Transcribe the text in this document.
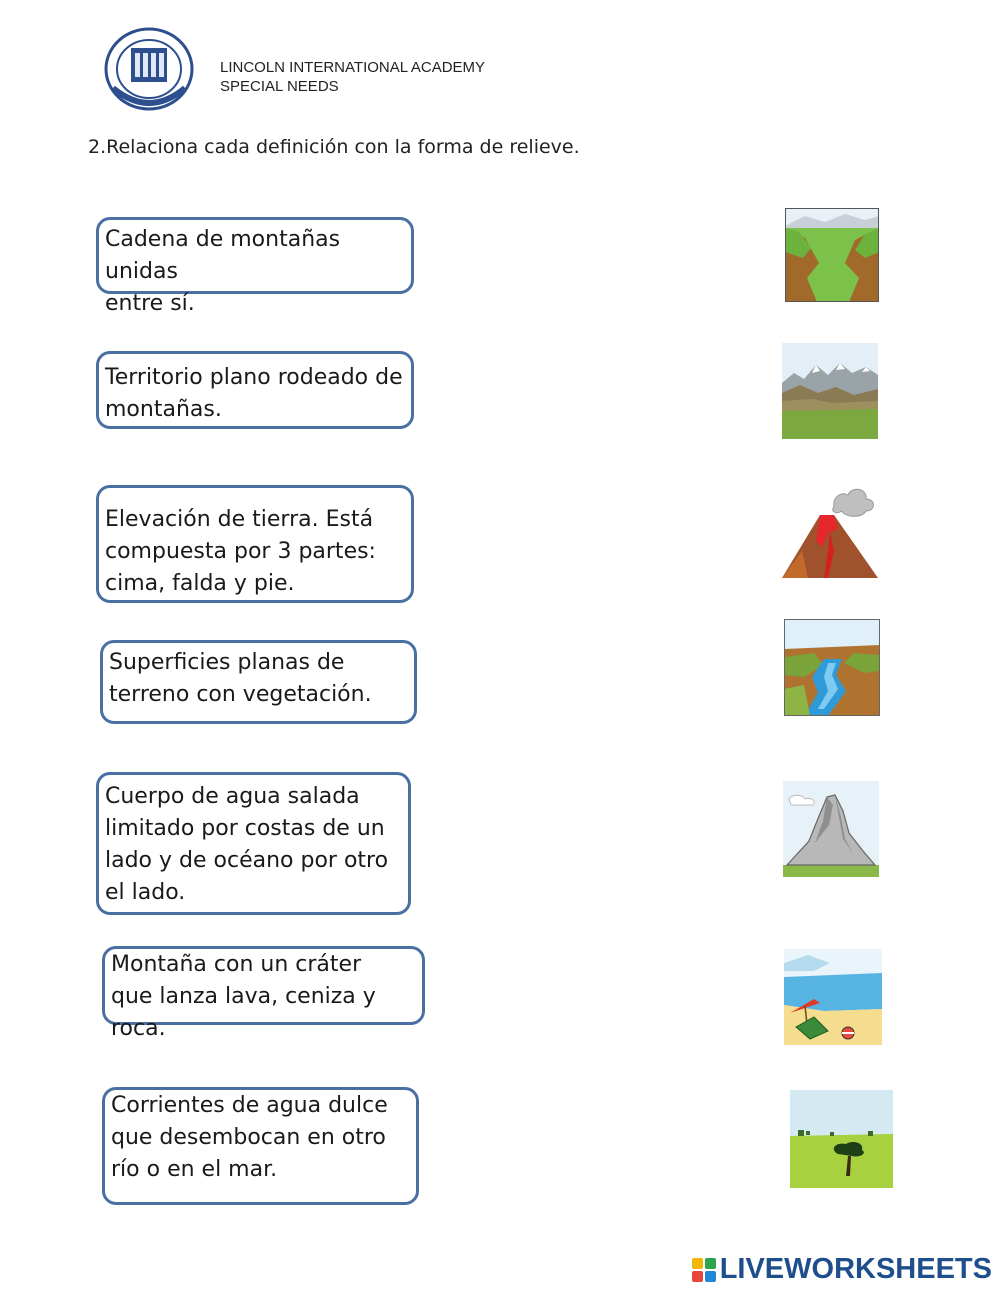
LINCOLN INTERNATIONAL ACADEMY
SPECIAL NEEDS
2.Relaciona cada definición con la forma de relieve.
Cadena de montañas unidas
entre sí.
Territorio plano rodeado de
montañas.
Elevación de tierra. Está
compuesta por 3 partes:
cima, falda y pie.
Superficies planas de
terreno con vegetación.
Cuerpo de agua salada
limitado por costas de un
lado y de océano por otro
el lado.
Montaña con un cráter
que lanza lava, ceniza y roca.
Corrientes de agua dulce
que desembocan en otro
río o en el mar.
LIVEWORKSHEETS
